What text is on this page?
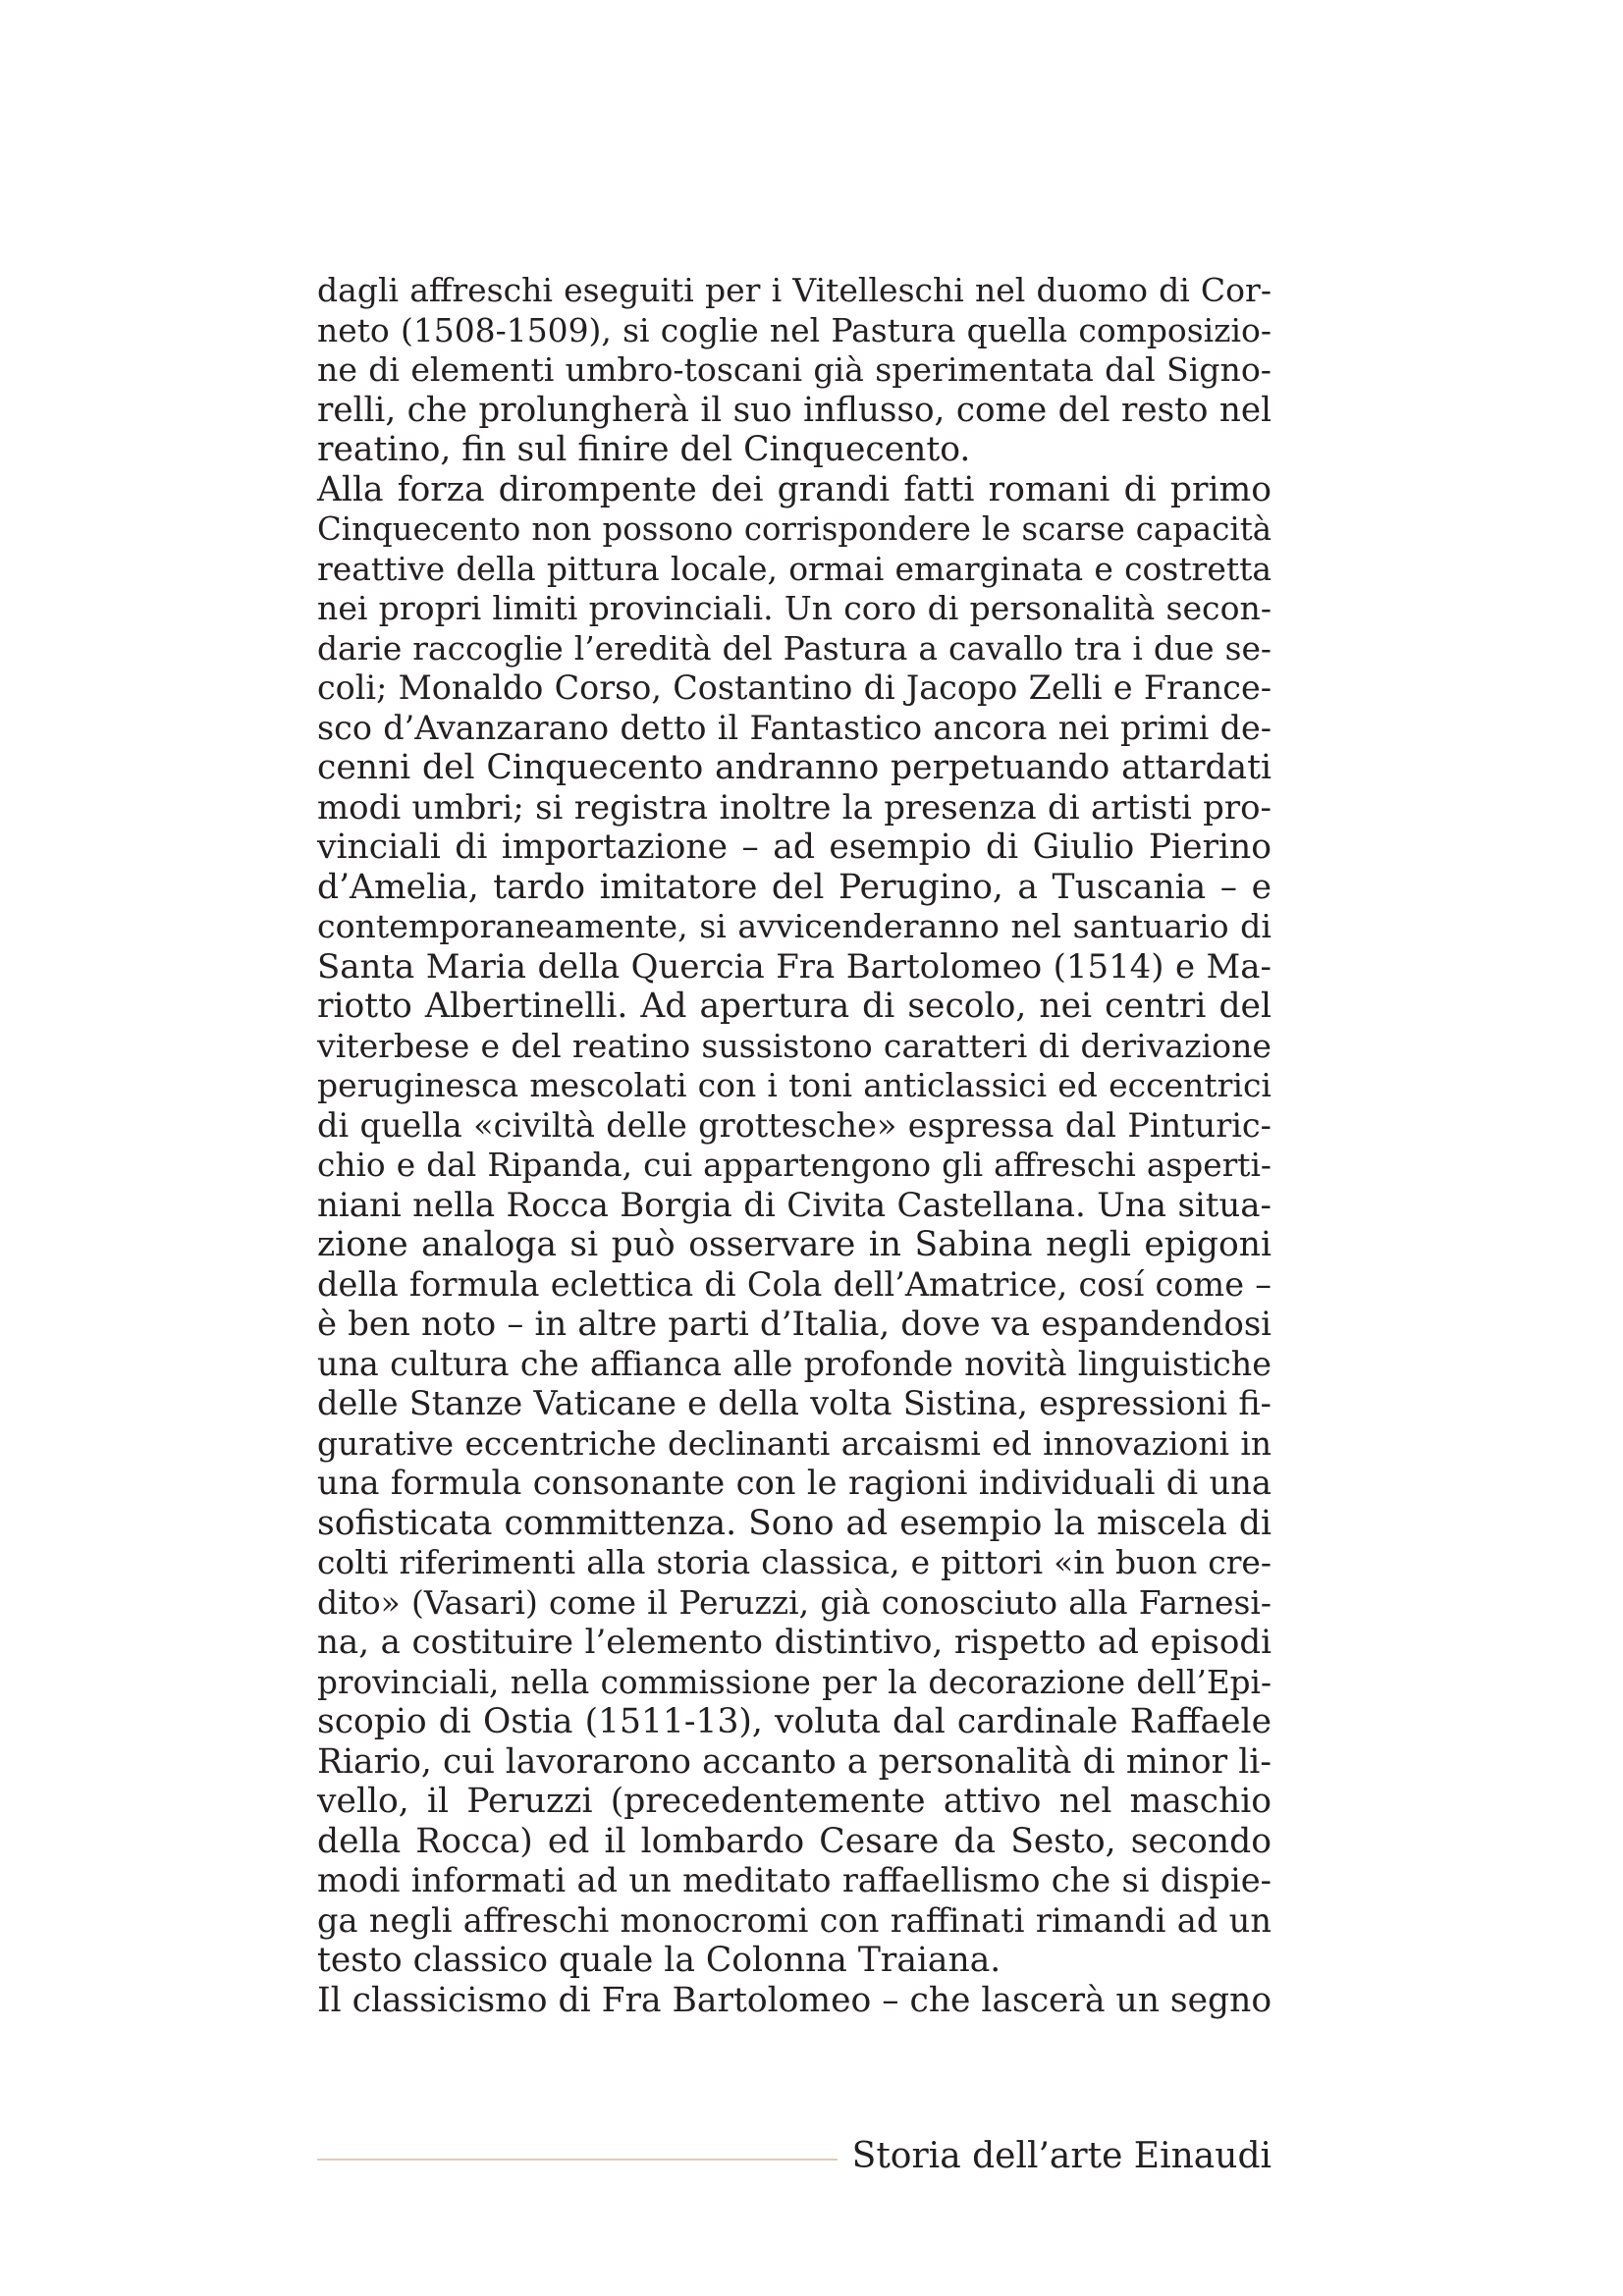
dagli affreschi eseguiti per i Vitelleschi nel duomo di Cor-
neto (1508-1509), si coglie nel Pastura quella composizio-
ne di elementi umbro-toscani già sperimentata dal Signo-
relli, che prolungherà il suo influsso, come del resto nel
reatino, fin sul finire del Cinquecento.
Alla forza dirompente dei grandi fatti romani di primo
Cinquecento non possono corrispondere le scarse capacità
reattive della pittura locale, ormai emarginata e costretta
nei propri limiti provinciali. Un coro di personalità secon-
darie raccoglie l’eredità del Pastura a cavallo tra i due se-
coli; Monaldo Corso, Costantino di Jacopo Zelli e France-
sco d’Avanzarano detto il Fantastico ancora nei primi de-
cenni del Cinquecento andranno perpetuando attardati
modi umbri; si registra inoltre la presenza di artisti pro-
vinciali di importazione – ad esempio di Giulio Pierino
d’Amelia, tardo imitatore del Perugino, a Tuscania – e
contemporaneamente, si avvicenderanno nel santuario di
Santa Maria della Quercia Fra Bartolomeo (1514) e Ma-
riotto Albertinelli. Ad apertura di secolo, nei centri del
viterbese e del reatino sussistono caratteri di derivazione
peruginesca mescolati con i toni anticlassici ed eccentrici
di quella «civiltà delle grottesche» espressa dal Pinturic-
chio e dal Ripanda, cui appartengono gli affreschi asperti-
niani nella Rocca Borgia di Civita Castellana. Una situa-
zione analoga si può osservare in Sabina negli epigoni
della formula eclettica di Cola dell’Amatrice, cosí come –
è ben noto – in altre parti d’Italia, dove va espandendosi
una cultura che affianca alle profonde novità linguistiche
delle Stanze Vaticane e della volta Sistina, espressioni fi-
gurative eccentriche declinanti arcaismi ed innovazioni in
una formula consonante con le ragioni individuali di una
sofisticata committenza. Sono ad esempio la miscela di
colti riferimenti alla storia classica, e pittori «in buon cre-
dito» (Vasari) come il Peruzzi, già conosciuto alla Farnesi-
na, a costituire l’elemento distintivo, rispetto ad episodi
provinciali, nella commissione per la decorazione dell’Epi-
scopio di Ostia (1511-13), voluta dal cardinale Raffaele
Riario, cui lavorarono accanto a personalità di minor li-
vello, il Peruzzi (precedentemente attivo nel maschio
della Rocca) ed il lombardo Cesare da Sesto, secondo
modi informati ad un meditato raffaellismo che si dispie-
ga negli affreschi monocromi con raffinati rimandi ad un
testo classico quale la Colonna Traiana.
Il classicismo di Fra Bartolomeo – che lascerà un segno
Storia dell’arte Einaudi
